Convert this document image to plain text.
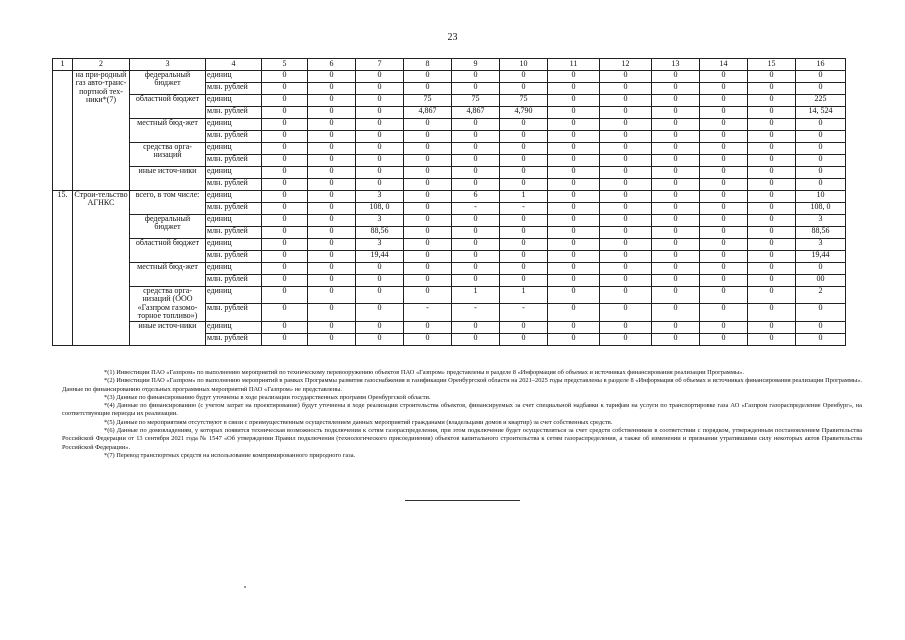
23
1	2	3	4	5	6	7	8	9	10	11	12	13	14	15	16
	на при-родный газ авто-транс-портной тех-ники*(7)	федеральный бюджет	единиц	0	0	0	0	0	0	0	0	0	0	0	0
			млн. рублей	0	0	0	0	0	0	0	0	0	0	0	0
		областной бюджет	единиц	0	0	0	75	75	75	0	0	0	0	0	225
			млн. рублей	0	0	0	4,867	4,867	4,790	0	0	0	0	0	14, 524
		местный бюд-жет	единиц	0	0	0	0	0	0	0	0	0	0	0	0
			млн. рублей	0	0	0	0	0	0	0	0	0	0	0	0
		средства орга-низаций	единиц	0	0	0	0	0	0	0	0	0	0	0	0
			млн. рублей	0	0	0	0	0	0	0	0	0	0	0	0
		иные источ-ники	единиц	0	0	0	0	0	0	0	0	0	0	0	0
			млн. рублей	0	0	0	0	0	0	0	0	0	0	0	0
15.	Строи-тельство АГНКС	всего, в том числе:	единиц	0	0	3	0	6	1	0	0	0	0	0	10
			млн. рублей	0	0	108, 0	0	-	-	0	0	0	0	0	108, 0
		федеральный бюджет	единиц	0	0	3	0	0	0	0	0	0	0	0	3
			млн. рублей	0	0	88,56	0	0	0	0	0	0	0	0	88,56
		областной бюджет	единиц	0	0	3	0	0	0	0	0	0	0	0	3
			млн. рублей	0	0	19,44	0	0	0	0	0	0	0	0	19,44
		местный бюд-жет	единиц	0	0	0	0	0	0	0	0	0	0	0	0
			млн. рублей	0	0	0	0	0	0	0	0	0	0	0	00
		средства орга-низаций (ООО «Газпром газомо-торное топливо»)	единиц	0	0	0	0	1	1	0	0	0	0	0	2
			млн. рублей	0	0	0	-	-	-	0	0	0	0	0	0
		иные источ-ники	единиц	0	0	0	0	0	0	0	0	0	0	0	0
			млн. рублей	0	0	0	0	0	0	0	0	0	0	0	0

*(1) Инвестиции ПАО «Газпром» по выполнению мероприятий по техническому перевооружению объектов ПАО «Газпром» представлены в разделе 8 «Информация об объемах и источниках финансирования реализации Программы».

*(2) Инвестиции ПАО «Газпром» по выполнению мероприятий в рамках Программы развития газоснабжения и газификации Оренбургской области на 2021–2025 годы представлены в разделе 8 «Информация об объемах и источниках финансирования реализации Программы». Данные по финансированию отдельных программных мероприятий ПАО «Газпром» не представлены.

*(3) Данные по финансированию будут уточнены в ходе реализации государственных программ Оренбургской области.

*(4) Данные по финансированию (с учетом затрат на проектирование) будут уточнены в ходе реализации строительства объектов, финансируемых за счет специальной надбавки к тарифам на услуги по транспортировке газа АО «Газпром газораспределение Оренбург», на соответствующие периоды их реализации.

*(5) Данные по мероприятиям отсутствуют в связи с преимущественным осуществлением данных мероприятий гражданами (владельцами домов и квартир) за счет собственных средств.

*(6) Данные по домовладениям, у которых появится техническая возможность подключения к сетям газораспределения, при этом подключение будет осуществляться за счет средств собственников в соответствии с порядком, утвержденным постановлением Правительства Российской Федерации от 13 сентября 2021 года № 1547 «Об утверждении Правил подключения (технологического присоединения) объектов капитального строительства к сетям газораспределения, а также об изменении и признании утратившими силу некоторых актов Правительства Российской Федерации».

*(7) Перевод транспортных средств на использование компримированного природного газа.
